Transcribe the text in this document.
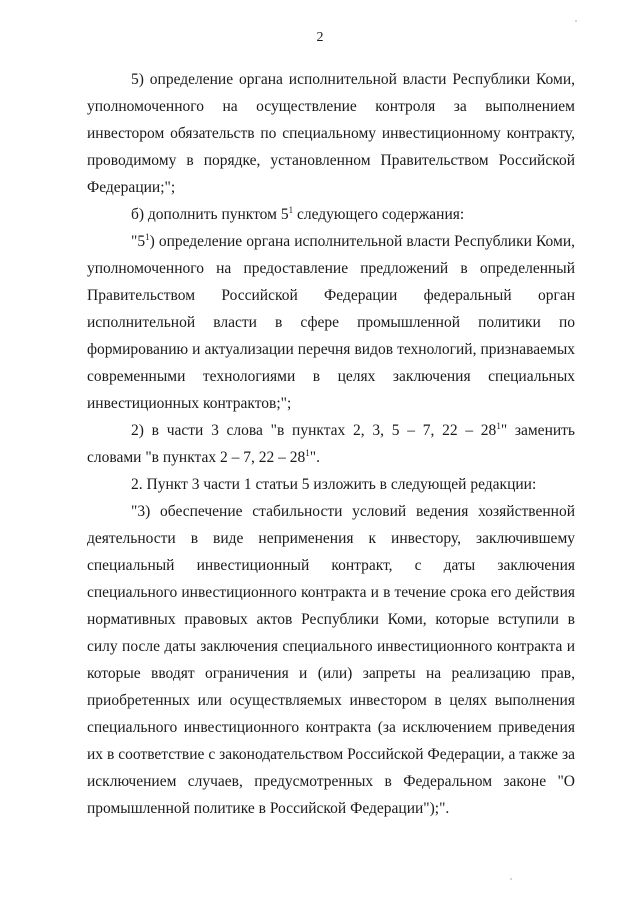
2

5) определение органа исполнительной власти Республики Коми, уполномоченного на осуществление контроля за выполнением инвестором обязательств по специальному инвестиционному контракту, проводимому в порядке, установленном Правительством Российской Федерации;";

б) дополнить пунктом $5^1$ следующего содержания:

"$5^1$) определение органа исполнительной власти Республики Коми, уполномоченного на предоставление предложений в определенный Правительством Российской Федерации федеральный орган исполнительной власти в сфере промышленной политики по формированию и актуализации перечня видов технологий, признаваемых современными технологиями в целях заключения специальных инвестиционных контрактов;";

2) в части 3 слова "в пунктах 2, 3, 5 – 7, $22 - 28^1$" заменить словами "в пунктах 2 – 7, $22 - 28^1$".

2. Пункт 3 части 1 статьи 5 изложить в следующей редакции:

"3) обеспечение стабильности условий ведения хозяйственной деятельности в виде неприменения к инвестору, заключившему специальный инвестиционный контракт, с даты заключения специального инвестиционного контракта и в течение срока его действия нормативных правовых актов Республики Коми, которые вступили в силу после даты заключения специального инвестиционного контракта и которые вводят ограничения и (или) запреты на реализацию прав, приобретенных или осуществляемых инвестором в целях выполнения специального инвестиционного контракта (за исключением приведения их в соответствие с законодательством Российской Федерации, а также за исключением случаев, предусмотренных в Федеральном законе "О промышленной политике в Российской Федерации");".
